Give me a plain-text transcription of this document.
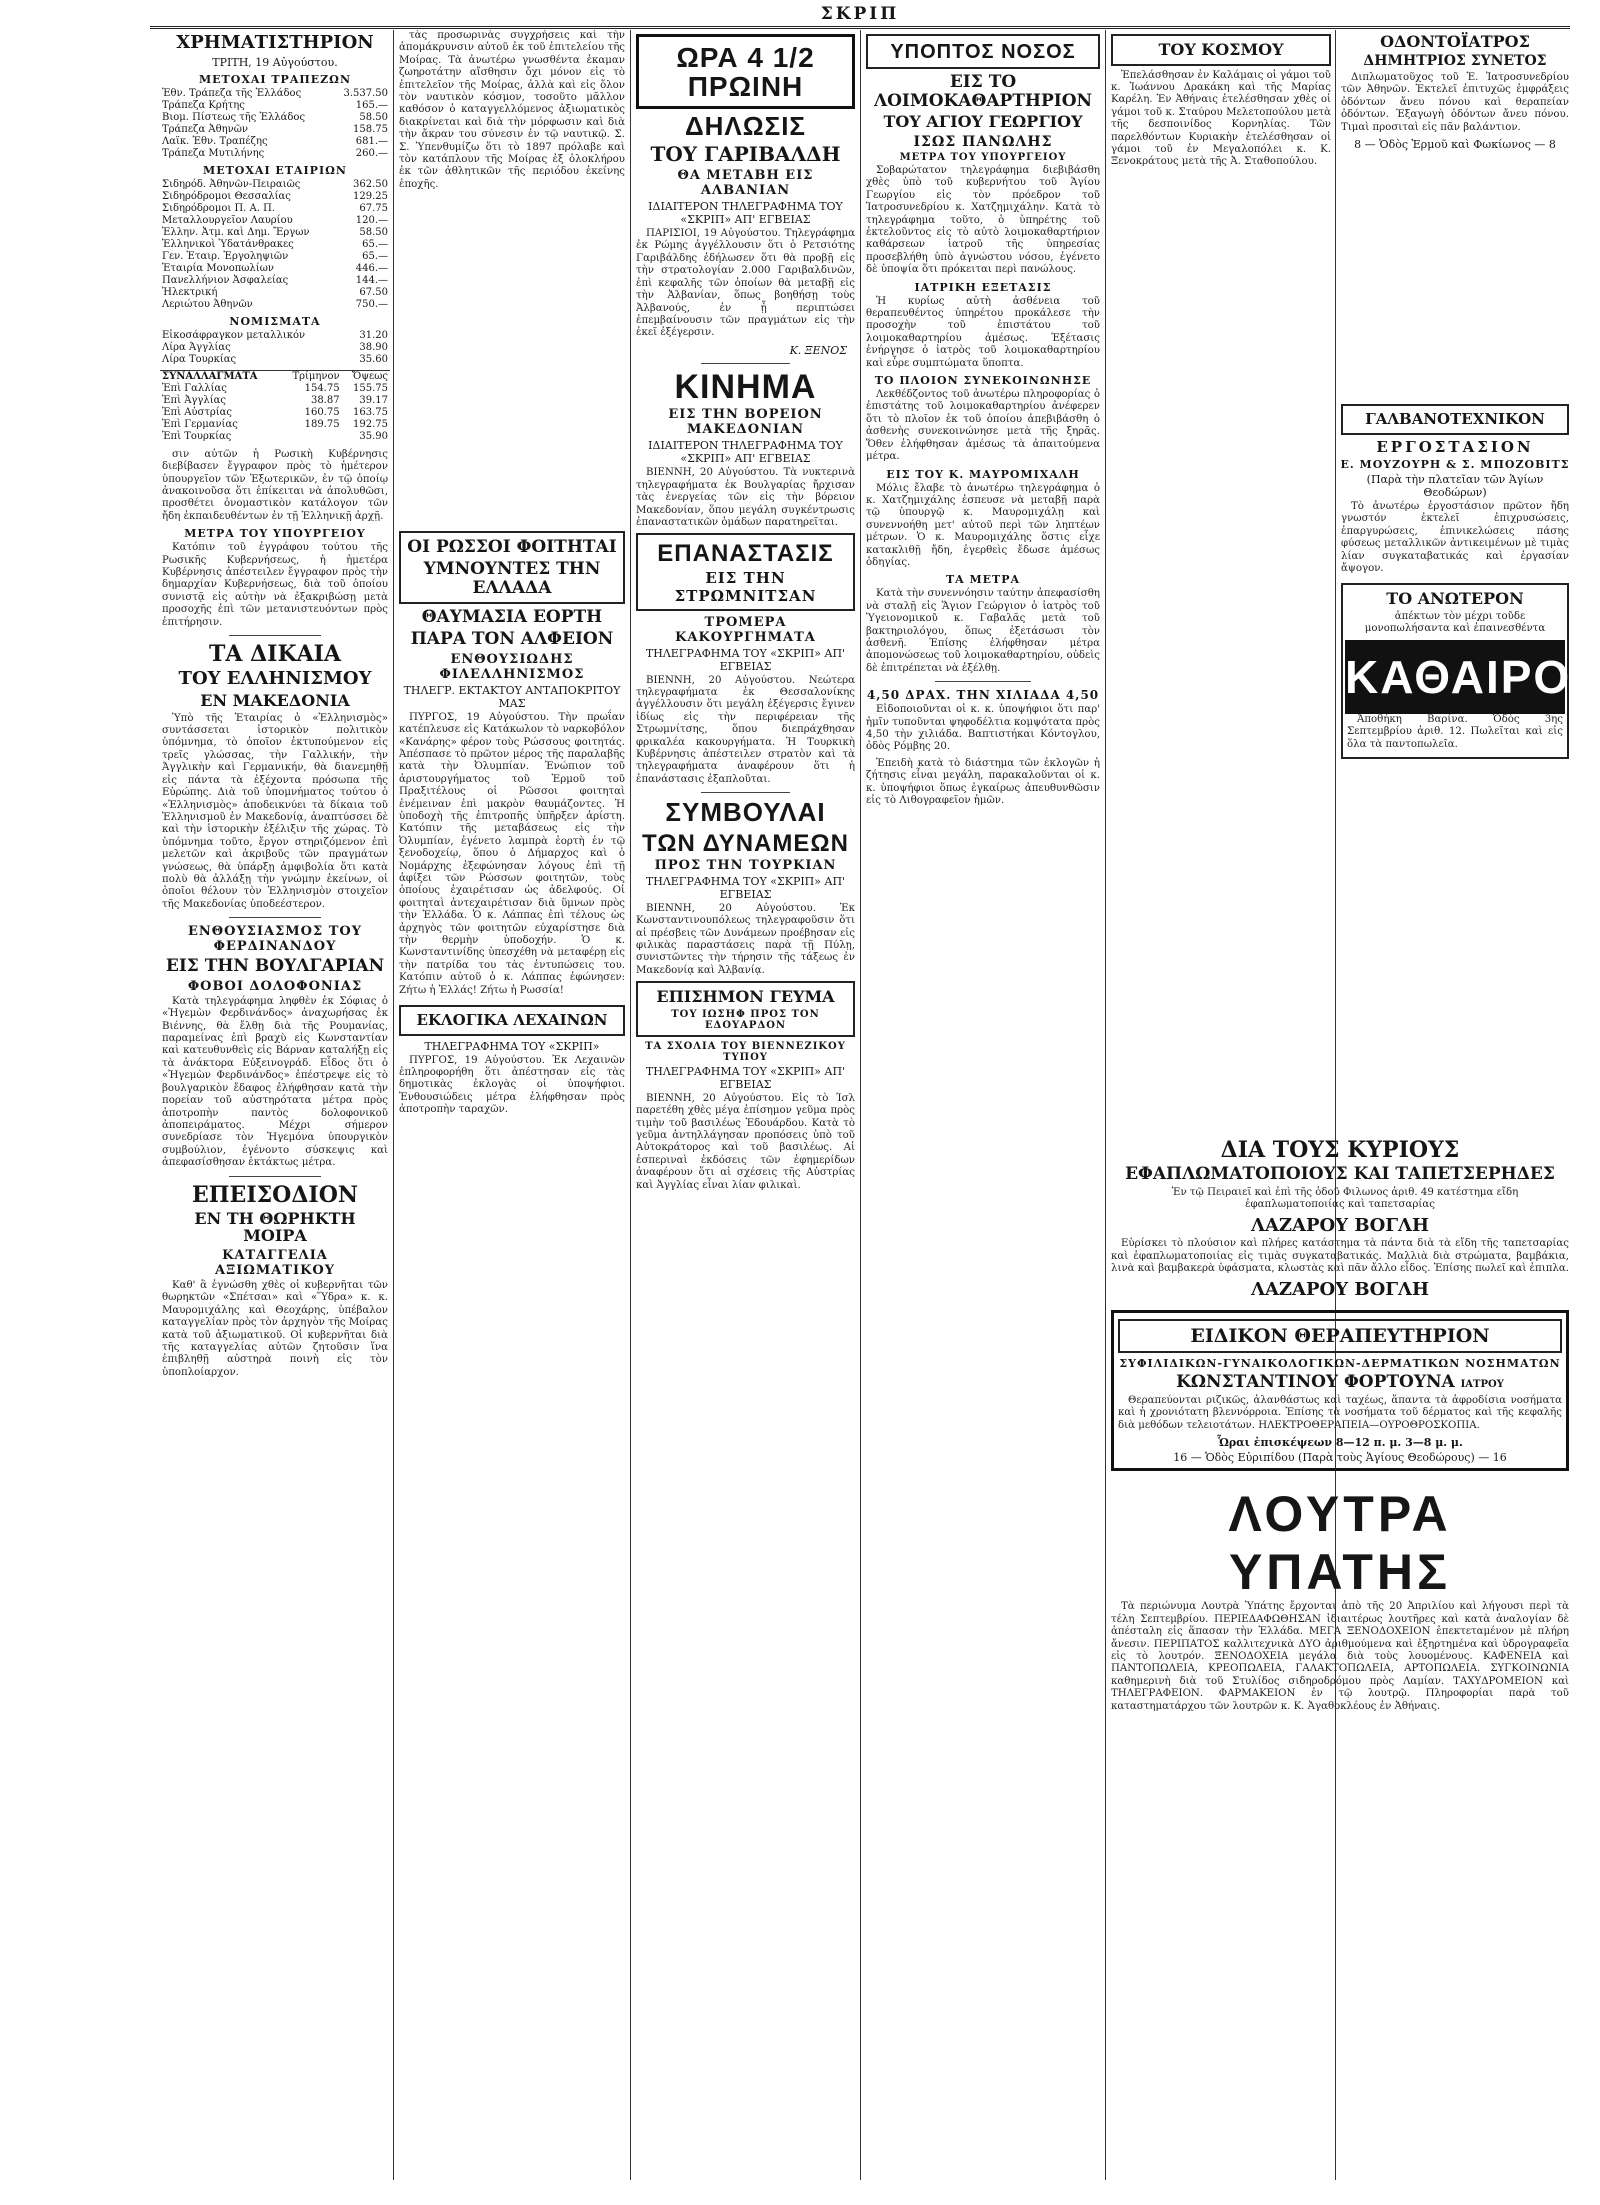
ΣΚΡΙΠ
ΧΡΗΜΑΤΙΣΤΗΡΙΟΝ
ΤΡΙΤΗ, 19 Αὐγούστου.
ΜΕΤΟΧΑΙ ΤΡΑΠΕΖΩΝ
Ἐθν. Τράπεζα τῆς Ἑλλάδος	3.537.50
Τράπεζα Κρήτης	165.—
Βιομ. Πίστεως τῆς Ἑλλάδος	58.50
Τράπεζα Ἀθηνῶν	158.75
Λαϊκ. Ἐθν. Τραπέζης	681.—
Τράπεζα Μυτιλήνης	260.—
ΜΕΤΟΧΑΙ ΕΤΑΙΡΙΩΝ
Σιδηρόδ. Ἀθηνῶν-Πειραιῶς	362.50
Σιδηρόδρομοι Θεσσαλίας	129.25
Σιδηρόδρομοι Π. Α. Π.	67.75
Μεταλλουργεῖον Λαυρίου	120.—
Ἑλλην. Ἀτμ. καὶ Δημ. Ἔργων	58.50
Ἑλληνικοὶ Ὑδατάνθρακες	65.—
Γεν. Ἑταιρ. Ἐργοληψιῶν	65.—
Ἑταιρία Μονοπωλίων	446.—
Πανελλήνιον Ἀσφαλείας	144.—
Ἠλεκτρική	67.50
Λεριώτου Ἀθηνῶν	750.—
ΝΟΜΙΣΜΑΤΑ
Εἰκοσάφραγκον μεταλλικόν	31.20
Λίρα Ἀγγλίας	38.90
Λίρα Τουρκίας	35.60
ΣΥΝΑΛΛΑΓΜΑΤΑ	Τρίμηνον	Ὄψεως
Ἐπὶ Γαλλίας	154.75	155.75
Ἐπὶ Ἀγγλίας	38.87	39.17
Ἐπὶ Αὐστρίας	160.75	163.75
Ἐπὶ Γερμανίας	189.75	192.75
Ἐπὶ Τουρκίας		35.90

σιν αὐτῶν ἡ Ρωσικὴ Κυβέρνησις διεβίβασεν ἔγγραφον πρὸς τὸ ἡμέτερον ὑπουργεῖον τῶν Ἐξωτερικῶν, ἐν τῷ ὁποίῳ ἀνακοινοῦσα ὅτι ἐπίκειται νὰ ἀπολυθῶσι, προσθέτει ὀνομαστικὸν κατάλογον τῶν ἤδη ἐκπαιδευθέντων ἐν τῇ Ἑλληνικῇ ἀρχῇ.

ΜΕΤΡΑ ΤΟΥ ΥΠΟΥΡΓΕΙΟΥ

Κατόπιν τοῦ ἐγγράφου τούτου τῆς Ρωσικῆς Κυβερνήσεως, ἡ ἡμετέρα Κυβέρνησις ἀπέστειλεν ἔγγραφον πρὸς τὴν δημαρχίαν Κυβερνήσεως, διὰ τοῦ ὁποίου συνιστᾷ εἰς αὐτὴν νὰ ἐξακριβώσῃ μετὰ προσοχῆς ἐπὶ τῶν μετανιστευόντων πρὸς ἐπιτήρησιν.

ΤΑ ΔΙΚΑΙΑ
ΤΟΥ ΕΛΛΗΝΙΣΜΟΥ
ΕΝ ΜΑΚΕΔΟΝΙΑ

Ὑπὸ τῆς Ἑταιρίας ὁ «Ἑλληνισμὸς» συντάσσεται ἱστορικὸν πολιτικὸν ὑπόμνημα, τὸ ὁποῖον ἐκτυπούμενον εἰς τρεῖς γλώσσας, τὴν Γαλλικήν, τὴν Ἀγγλικὴν καὶ Γερμανικήν, θὰ διανεμηθῇ εἰς πάντα τὰ ἐξέχοντα πρόσωπα τῆς Εὐρώπης. Διὰ τοῦ ὑπομνήματος τούτου ὁ «Ἑλληνισμὸς» ἀποδεικνύει τὰ δίκαια τοῦ Ἑλληνισμοῦ ἐν Μακεδονίᾳ, ἀναπτύσσει δὲ καὶ τὴν ἱστορικὴν ἐξέλιξιν τῆς χώρας. Τὸ ὑπόμνημα τοῦτο, ἔργον στηριζόμενον ἐπὶ μελετῶν καὶ ἀκριβοῦς τῶν πραγμάτων γνώσεως, θὰ ὑπάρξῃ ἀμφιβολία ὅτι κατὰ πολὺ θὰ ἀλλάξῃ τὴν γνώμην ἐκείνων, οἱ ὁποῖοι θέλουν τὸν Ἑλληνισμὸν στοιχεῖον τῆς Μακεδονίας ὑποδεέστερον.

ΕΝΘΟΥΣΙΑΣΜΟΣ ΤΟΥ ΦΕΡΔΙΝΑΝΔΟΥ
ΕΙΣ ΤΗΝ ΒΟΥΛΓΑΡΙΑΝ
ΦΟΒΟΙ ΔΟΛΟΦΟΝΙΑΣ

Κατὰ τηλεγράφημα ληφθὲν ἐκ Σόφιας ὁ «Ἠγεμὼν Φερδινάνδος» ἀναχωρήσας ἐκ Βιέννης, θὰ ἔλθῃ διὰ τῆς Ρουμανίας, παραμείνας ἐπὶ βραχὺ εἰς Κωνσταντίαν καὶ κατευθυνθεὶς εἰς Βάρναν καταλήξῃ εἰς τὰ ἀνάκτορα Εὐξεινογράδ. Εἶδος ὅτι ὁ «Ἠγεμὼν Φερδινάνδος» ἐπέστρεψε εἰς τὸ βουλγαρικὸν ἔδαφος ἐλήφθησαν κατὰ τὴν πορείαν τοῦ αὐστηρότατα μέτρα πρὸς ἀποτροπὴν παντὸς δολοφονικοῦ ἀποπειράματος. Μέχρι σήμερον συνεδρίασε τὸν Ἠγεμόνα ὑπουργικὸν συμβούλιον, ἐγένοντο σύσκεψις καὶ ἀπεφασίσθησαν ἐκτάκτως μέτρα.

ΕΠΕΙΣΟΔΙΟΝ
ΕΝ ΤΗ ΘΩΡΗΚΤΗ ΜΟΙΡΑ
ΚΑΤΑΓΓΕΛΙΑ ΑΞΙΩΜΑΤΙΚΟΥ

Καθ' ἃ ἐγνώσθη χθὲς οἱ κυβερνῆται τῶν θωρηκτῶν «Σπέτσαι» καὶ «Ὕδρα» κ. κ. Μαυρομιχάλης καὶ Θεοχάρης, ὑπέβαλον καταγγελίαν πρὸς τὸν ἀρχηγὸν τῆς Μοίρας κατὰ τοῦ ἀξιωματικοῦ. Οἱ κυβερνῆται διὰ τῆς καταγγελίας αὐτῶν ζητοῦσιν ἵνα ἐπιβληθῇ αὐστηρὰ ποινὴ εἰς τὸν ὑποπλοίαρχον.

τὰς προσωρινὰς συγχρήσεις καὶ τὴν ἀπομάκρυνσιν αὐτοῦ ἐκ τοῦ ἐπιτελείου τῆς Μοίρας. Τὰ ἀνωτέρω γνωσθέντα ἐκαμαν ζωηροτάτην αἴσθησιν ὄχι μόνον εἰς τὸ ἐπιτελεῖον τῆς Μοίρας, ἀλλὰ καὶ εἰς ὅλον τὸν ναυτικὸν κόσμον, τοσοῦτο μᾶλλον καθόσον ὁ καταγγελλόμενος ἀξιωματικὸς διακρίνεται καὶ διὰ τὴν μόρφωσιν καὶ διὰ τὴν ἄκραν του σύνεσιν ἐν τῷ ναυτικῷ. Σ. Σ. Ὑπενθυμίζω ὅτι τὸ 1897 πρόλαβε καὶ τὸν κατάπλουν τῆς Μοίρας ἐξ ὁλοκλήρου ἐκ τῶν ἀθλητικῶν τῆς περιόδου ἐκείνης ἐποχῆς.

ΟΙ ΡΩΣΣΟΙ ΦΟΙΤΗΤΑΙ
ΥΜΝΟΥΝΤΕΣ ΤΗΝ ΕΛΛΑΔΑ
ΘΑΥΜΑΣΙΑ ΕΟΡΤΗ
ΠΑΡΑ ΤΟΝ ΑΛΦΕΙΟΝ
ΕΝΘΟΥΣΙΩΔΗΣ ΦΙΛΕΛΛΗΝΙΣΜΟΣ
ΤΗΛΕΓΡ. ΕΚΤΑΚΤΟΥ ΑΝΤΑΠΟΚΡΙΤΟΥ ΜΑΣ

ΠΥΡΓΟΣ, 19 Αὐγούστου. Τὴν πρωΐαν κατέπλευσε εἰς Κατάκωλον τὸ ναρκοβόλον «Κανάρης» φέρον τοὺς Ρώσσους φοιτητάς. Ἀπέσπασε τὸ πρῶτον μέρος τῆς παραλαβῆς κατὰ τὴν Ὀλυμπίαν. Ἐνώπιον τοῦ ἀριστουργήματος τοῦ Ἑρμοῦ τοῦ Πραξιτέλους οἱ Ρῶσσοι φοιτηταὶ ἐνέμειναν ἐπὶ μακρὸν θαυμάζοντες. Ἡ ὑποδοχὴ τῆς ἐπιτροπῆς ὑπῆρξεν ἀρίστη. Κατόπιν τῆς μεταβάσεως εἰς τὴν Ὀλυμπίαν, ἐγένετο λαμπρὰ ἑορτὴ ἐν τῷ ξενοδοχείῳ, ὅπου ὁ Δήμαρχος καὶ ὁ Νομάρχης ἐξεφώνησαν λόγους ἐπὶ τῇ ἀφίξει τῶν Ρώσσων φοιτητῶν, τοὺς ὁποίους ἐχαιρέτισαν ὡς ἀδελφούς. Οἱ φοιτηταὶ ἀντεχαιρέτισαν διὰ ὕμνων πρὸς τὴν Ἑλλάδα. Ὁ κ. Λάππας ἐπὶ τέλους ὡς ἀρχηγὸς τῶν φοιτητῶν εὐχαρίστησε διὰ τὴν θερμὴν ὑποδοχήν. Ὁ κ. Κωνσταντινίδης ὑπεσχέθη νὰ μεταφέρῃ εἰς τὴν πατρίδα του τὰς ἐντυπώσεις του. Κατόπιν αὐτοῦ ὁ κ. Λάππας ἐφώνησεν: Ζήτω ἡ Ἑλλάς! Ζήτω ἡ Ρωσσία!

ΕΚΛΟΓΙΚΑ ΛΕΧΑΙΝΩΝ
ΤΗΛΕΓΡΑΦΗΜΑ ΤΟΥ «ΣΚΡΙΠ»

ΠΥΡΓΟΣ, 19 Αὐγούστου. Ἐκ Λεχαινῶν ἐπληροφορήθη ὅτι ἀπέστησαν εἰς τὰς δημοτικὰς ἐκλογὰς οἱ ὑποψήφιοι. Ἐνθουσιώδεις μέτρα ἐλήφθησαν πρὸς ἀποτροπὴν ταραχῶν.

ΩΡΑ 4 1/2 ΠΡΩΙΝΗ
ΔΗΛΩΣΙΣ
ΤΟΥ ΓΑΡΙΒΑΛΔΗ
ΘΑ ΜΕΤΑΒΗ ΕΙΣ ΑΛΒΑΝΙΑΝ
ΙΔΙΑΙΤΕΡΟΝ ΤΗΛΕΓΡΑΦΗΜΑ ΤΟΥ «ΣΚΡΙΠ» ΑΠ' ΕΓΒΕΙΑΣ

ΠΑΡΙΣΙΟΙ, 19 Αὐγούστου. Τηλεγράφημα ἐκ Ρώμης ἀγγέλλουσιν ὅτι ὁ Ρετσιότης Γαριβάλδης ἐδήλωσεν ὅτι θὰ προβῇ εἰς τὴν στρατολογίαν 2.000 Γαριβαλδινῶν, ἐπὶ κεφαλῆς τῶν ὁποίων θὰ μεταβῇ εἰς τὴν Ἀλβανίαν, ὅπως βοηθήσῃ τοὺς Ἀλβανούς, ἐν ᾗ περιπτώσει ἐπεμβαίνουσιν τῶν πραγμάτων εἰς τὴν ἐκεῖ ἐξέγερσιν.

Κ. ΞΕΝΟΣ
ΚΙΝΗΜΑ
ΕΙΣ ΤΗΝ ΒΟΡΕΙΟΝ ΜΑΚΕΔΟΝΙΑΝ
ΙΔΙΑΙΤΕΡΟΝ ΤΗΛΕΓΡΑΦΗΜΑ ΤΟΥ «ΣΚΡΙΠ» ΑΠ' ΕΓΒΕΙΑΣ

ΒΙΕΝΝΗ, 20 Αὐγούστου. Τὰ νυκτερινὰ τηλεγραφήματα ἐκ Βουλγαρίας ἤρχισαν τὰς ἐνεργείας τῶν εἰς τὴν βόρειον Μακεδονίαν, ὅπου μεγάλη συγκέντρωσις ἐπαναστατικῶν ὁμάδων παρατηρεῖται.

ΕΠΑΝΑΣΤΑΣΙΣ
ΕΙΣ ΤΗΝ ΣΤΡΩΜΝΙΤΣΑΝ
ΤΡΟΜΕΡΑ ΚΑΚΟΥΡΓΗΜΑΤΑ
ΤΗΛΕΓΡΑΦΗΜΑ ΤΟΥ «ΣΚΡΙΠ» ΑΠ' ΕΓΒΕΙΑΣ

ΒΙΕΝΝΗ, 20 Αὐγούστου. Νεώτερα τηλεγραφήματα ἐκ Θεσσαλονίκης ἀγγέλλουσιν ὅτι μεγάλη ἐξέγερσις ἔγινεν ἰδίως εἰς τὴν περιφέρειαν τῆς Στρωμνίτσης, ὅπου διεπράχθησαν φρικαλέα κακουργήματα. Ἡ Τουρκικὴ Κυβέρνησις ἀπέστειλεν στρατὸν καὶ τὰ τηλεγραφήματα ἀναφέρουν ὅτι ἡ ἐπανάστασις ἐξαπλοῦται.

ΣΥΜΒΟΥΛΑΙ
ΤΩΝ ΔΥΝΑΜΕΩΝ
ΠΡΟΣ ΤΗΝ ΤΟΥΡΚΙΑΝ
ΤΗΛΕΓΡΑΦΗΜΑ ΤΟΥ «ΣΚΡΙΠ» ΑΠ' ΕΓΒΕΙΑΣ

ΒΙΕΝΝΗ, 20 Αὐγούστου. Ἐκ Κωνσταντινουπόλεως τηλεγραφοῦσιν ὅτι αἱ πρέσβεις τῶν Δυνάμεων προέβησαν εἰς φιλικὰς παραστάσεις παρὰ τῇ Πύλῃ, συνιστῶντες τὴν τήρησιν τῆς τάξεως ἐν Μακεδονίᾳ καὶ Ἀλβανίᾳ.

ΕΠΙΣΗΜΟΝ ΓΕΥΜΑ
ΤΟΥ ΙΩΣΗΦ ΠΡΟΣ ΤΟΝ ΕΔΟΥΑΡΔΟΝ
ΤΑ ΣΧΟΛΙΑ ΤΟΥ ΒΙΕΝΝΕΖΙΚΟΥ ΤΥΠΟΥ
ΤΗΛΕΓΡΑΦΗΜΑ ΤΟΥ «ΣΚΡΙΠ» ΑΠ' ΕΓΒΕΙΑΣ

ΒΙΕΝΝΗ, 20 Αὐγούστου. Εἰς τὸ Ἰσλ παρετέθη χθὲς μέγα ἐπίσημον γεῦμα πρὸς τιμὴν τοῦ βασιλέως Ἐδουάρδου. Κατὰ τὸ γεῦμα ἀντηλλάγησαν προπόσεις ὑπὸ τοῦ Αὐτοκράτορος καὶ τοῦ βασιλέως. Αἱ ἐσπεριναὶ ἐκδόσεις τῶν ἐφημερίδων ἀναφέρουν ὅτι αἱ σχέσεις τῆς Αὐστρίας καὶ Ἀγγλίας εἶναι λίαν φιλικαὶ.

ΥΠΟΠΤΟΣ ΝΟΣΟΣ
ΕΙΣ ΤΟ ΛΟΙΜΟΚΑΘΑΡΤΗΡΙΟΝ
ΤΟΥ ΑΓΙΟΥ ΓΕΩΡΓΙΟΥ
ΙΣΩΣ ΠΑΝΩΛΗΣ
ΜΕΤΡΑ ΤΟΥ ΥΠΟΥΡΓΕΙΟΥ

Σοβαρώτατον τηλεγράφημα διεβιβάσθη χθὲς ὑπὸ τοῦ κυβερνήτου τοῦ Ἁγίου Γεωργίου εἰς τὸν πρόεδρον τοῦ Ἰατροσυνεδρίου κ. Χατζημιχάλην. Κατὰ τὸ τηλεγράφημα τοῦτο, ὁ ὑπηρέτης τοῦ ἐκτελοῦντος εἰς τὸ αὐτὸ λοιμοκαθαρτήριον καθάρσεων ἰατροῦ τῆς ὑπηρεσίας προσεβλήθη ὑπὸ ἀγνώστου νόσου, ἐγένετο δὲ ὑποψία ὅτι πρόκειται περὶ πανώλους.

ΙΑΤΡΙΚΗ ΕΞΕΤΑΣΙΣ

Ἡ κυρίως αὐτὴ ἀσθένεια τοῦ θεραπευθέντος ὑπηρέτου προκάλεσε τὴν προσοχὴν τοῦ ἐπιστάτου τοῦ λοιμοκαθαρτηρίου ἀμέσως. Ἐξέτασις ἐνήργησε ὁ ἰατρὸς τοῦ λοιμοκαθαρτηρίου καὶ εὗρε συμπτώματα ὕποπτα.

ΤΟ ΠΛΟΙΟΝ ΣΥΝΕΚΟΙΝΩΝΗΣΕ

Λεκθέδζοντος τοῦ ἀνωτέρω πληροφορίας ὁ ἐπιστάτης τοῦ λοιμοκαθαρτηρίου ἀνέφερεν ὅτι τὸ πλοῖον ἐκ τοῦ ὁποίου ἀπεβιβάσθη ὁ ἀσθενὴς συνεκοινώνησε μετὰ τῆς ξηρᾶς. Ὅθεν ἐλήφθησαν ἀμέσως τὰ ἀπαιτούμενα μέτρα.

ΕΙΣ ΤΟΥ Κ. ΜΑΥΡΟΜΙΧΑΛΗ

Μόλις ἔλαβε τὸ ἀνωτέρω τηλεγράφημα ὁ κ. Χατζημιχάλης ἐσπευσε νὰ μεταβῇ παρὰ τῷ ὑπουργῷ κ. Μαυρομιχάλῃ καὶ συνεννοήθη μετ' αὐτοῦ περὶ τῶν ληπτέων μέτρων. Ὁ κ. Μαυρομιχάλης ὅστις εἶχε κατακλιθῇ ἤδη, ἐγερθεὶς ἔδωσε ἀμέσως ὁδηγίας.

ΤΑ ΜΕΤΡΑ

Κατὰ τὴν συνεννόησιν ταύτην ἀπεφασίσθη νὰ σταλῇ εἰς Ἅγιον Γεώργιον ὁ ἰατρὸς τοῦ Ὑγειονομικοῦ κ. Γαβαλᾶς μετὰ τοῦ βακτηριολόγου, ὅπως ἐξετάσωσι τὸν ἀσθενῆ. Ἐπίσης ἐλήφθησαν μέτρα ἀπομονώσεως τοῦ λοιμοκαθαρτηρίου, οὐδεὶς δὲ ἐπιτρέπεται νὰ ἐξέλθῃ.

4,50 ΔΡΑΧ. ΤΗΝ ΧΙΛΙΑΔΑ 4,50

Εἰδοποιοῦνται οἱ κ. κ. ὑποψήφιοι ὅτι παρ' ἡμῖν τυποῦνται ψηφοδέλτια κομψότατα πρὸς 4,50 τὴν χιλιάδα. Βαπτιστήκαι Κόντογλου, ὁδὸς Ρόμβης 20.

Ἐπειδὴ κατὰ τὸ διάστημα τῶν ἐκλογῶν ἡ ζήτησις εἶναι μεγάλη, παρακαλοῦνται οἱ κ. κ. ὑποψήφιοι ὅπως ἐγκαίρως ἀπευθυνθῶσιν εἰς τὸ Λιθογραφεῖον ἡμῶν.

ΤΟΥ ΚΟΣΜΟΥ

Ἐπελάσθησαν ἐν Καλάμαις οἱ γάμοι τοῦ κ. Ἰωάννου Δρακάκη καὶ τῆς Μαρίας Καρέλη. Ἐν Ἀθήναις ἐτελέσθησαν χθὲς οἱ γάμοι τοῦ κ. Σταύρου Μελετοπούλου μετὰ τῆς δεσποινίδος Κορνηλίας. Τῶν παρελθόντων Κυριακὴν ἐτελέσθησαν οἱ γάμοι τοῦ ἐν Μεγαλοπόλει κ. Κ. Ξενοκράτους μετὰ τῆς Ἀ. Σταθοπούλου.

ΟΔΟΝΤΟΪΑΤΡΟΣ
ΔΗΜΗΤΡΙΟΣ ΣΥΝΕΤΟΣ

Διπλωματοῦχος τοῦ Ἐ. Ἰατροσυνεδρίου τῶν Ἀθηνῶν. Ἐκτελεῖ ἐπιτυχῶς ἐμφράξεις ὀδόντων ἄνευ πόνου καὶ θεραπείαν ὀδόντων. Ἐξαγωγὴ ὀδόντων ἄνευ πόνου. Τιμαὶ προσιταὶ εἰς πᾶν βαλάντιον.

8 — Ὁδὸς Ἑρμοῦ καὶ Φωκίωνος — 8
ΓΑΛΒΑΝΟΤΕΧΝΙΚΟΝ
ΕΡΓΟΣΤΑΣΙΟΝ
Ε. ΜΟΥΖΟΥΡΗ & Σ. ΜΠΟΖΟΒΙΤΣ
(Παρὰ τὴν πλατεῖαν τῶν Ἁγίων Θεοδώρων)

Τὸ ἀνωτέρω ἐργοστάσιον πρῶτον ἤδη γνωστόν ἐκτελεῖ ἐπιχρυσώσεις, ἐπαργυρώσεις, ἐπινικελώσεις πάσης φύσεως μεταλλικῶν ἀντικειμένων μὲ τιμὰς λίαν συγκαταβατικάς καὶ ἐργασίαν ἄψογον.

ΤΟ ΑΝΩΤΕΡΟΝ

ἀπέκτων τὸν μέχρι τοῦδε μονοπωλήσαντα καὶ ἐπαινεσθέντα

ΚΑΘΑΙΡΟ

Ἀποθήκη Βαρίνα. Ὁδὸς 3ης Σεπτεμβρίου ἀριθ. 12. Πωλεῖται καὶ εἰς ὅλα τὰ παντοπωλεῖα.

ΔΙΑ ΤΟΥΣ ΚΥΡΙΟΥΣ
ΕΦΑΠΛΩΜΑΤΟΠΟΙΟΥΣ ΚΑΙ ΤΑΠΕΤΣΕΡΗΔΕΣ

Ἐν τῷ Πειραιεῖ καὶ ἐπὶ τῆς ὁδοῦ Φιλωνος ἀριθ. 49 κατέστημα εἴδη ἐφαπλωματοποιίας καὶ ταπετσαρίας

ΛΑΖΑΡΟΥ ΒΟΓΛΗ

Εὑρίσκει τὸ πλούσιον καὶ πλήρες κατάστημα τὰ πάντα διὰ τὰ εἴδη τῆς ταπετσαρίας καὶ ἐφαπλωματοποιίας εἰς τιμὰς συγκαταβατικάς. Μαλλιὰ διὰ στρώματα, βαμβάκια, λινὰ καὶ βαμβακερὰ ὑφάσματα, κλωστὰς καὶ πᾶν ἄλλο εἶδος. Ἐπίσης πωλεῖ καὶ ἐπιπλα.

ΛΑΖΑΡΟΥ ΒΟΓΛΗ
ΕΙΔΙΚΟΝ ΘΕΡΑΠΕΥΤΗΡΙΟΝ
ΣΥΦΙΛΙΔΙΚΩΝ-ΓΥΝΑΙΚΟΛΟΓΙΚΩΝ-ΔΕΡΜΑΤΙΚΩΝ ΝΟΣΗΜΑΤΩΝ
ΚΩΝΣΤΑΝΤΙΝΟΥ ΦΟΡΤΟΥΝΑ ΙΑΤΡΟΥ

Θεραπεύονται ριζικῶς, ἀλανθάστως καὶ ταχέως, ἅπαντα τὰ ἀφροδίσια νοσήματα καὶ ἡ χρονιότατη βλεννόρροια. Ἐπίσης τὰ νοσήματα τοῦ δέρματος καὶ τῆς κεφαλῆς διὰ μεθόδων τελειοτάτων. ΗΛΕΚΤΡΟΘΕΡΑΠΕΙΑ—ΟΥΡΟΘΡΟΣΚΟΠΙΑ.

Ὧραι ἐπισκέψεων 8—12 π. μ. 3—8 μ. μ.
16 — Ὁδὸς Εὐριπίδου (Παρὰ τοὺς Ἁγίους Θεοδώρους) — 16
ΛΟΥΤΡΑ ΥΠΑΤΗΣ

Τὰ περιώνυμα Λουτρὰ Ὑπάτης ἔρχονται ἀπὸ τῆς 20 Ἀπριλίου καὶ λήγουσι περὶ τὰ τέλη Σεπτεμβρίου. ΠΕΡΙΕΔΑΦΩΘΗΣΑΝ ἰδιαιτέρως λουτῆρες καὶ κατὰ ἀναλογίαν δὲ ἀπέσταλη εἰς ἅπασαν τὴν Ἑλλάδα. ΜΕΓΑ ΞΕΝΟΔΟΧΕΙΟΝ ἐπεκτεταμένον μὲ πλήρη ἄνεσιν. ΠΕΡΙΠΑΤΟΣ καλλιτεχνικὰ ΔΥΟ ἀριθμούμενα καὶ ἐξηρτημένα καὶ ὑδρογραφεῖα εἰς τὸ λουτρόν. ΞΕΝΟΔΟΧΕΙΑ μεγάλα διὰ τοὺς λουομένους. ΚΑΦΕΝΕΙΑ καὶ ΠΑΝΤΟΠΩΛΕΙΑ, ΚΡΕΟΠΩΛΕΙΑ, ΓΑΛΑΚΤΟΠΩΛΕΙΑ, ΑΡΤΟΠΩΛΕΙΑ. ΣΥΓΚΟΙΝΩΝΙΑ καθημερινὴ διὰ τοῦ Στυλίδος σιδηροδρόμου πρὸς Λαμίαν. ΤΑΧΥΔΡΟΜΕΙΟΝ καὶ ΤΗΛΕΓΡΑΦΕΙΟΝ. ΦΑΡΜΑΚΕΙΟΝ ἐν τῷ λουτρῷ. Πληροφορίαι παρὰ τοῦ καταστηματάρχου τῶν λουτρῶν κ. Κ. Ἀγαθοκλέους ἐν Ἀθήναις.
